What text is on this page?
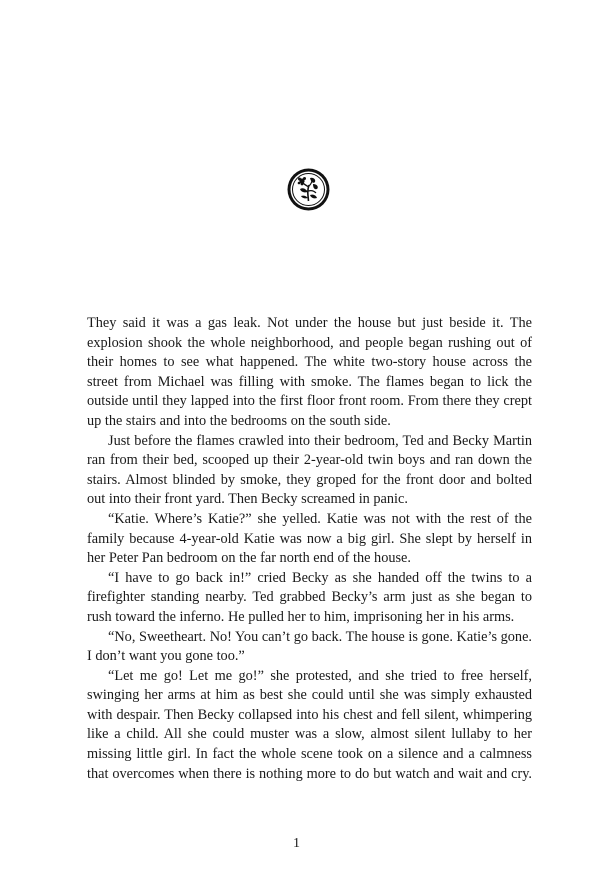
They said it was a gas leak. Not under the house but just beside it. The explosion shook the whole neighborhood, and people began rushing out of their homes to see what happened. The white two-story house across the street from Michael was filling with smoke. The flames began to lick the outside until they lapped into the first floor front room. From there they crept up the stairs and into the bedrooms on the south side.

Just before the flames crawled into their bedroom, Ted and Becky Martin ran from their bed, scooped up their 2-year-old twin boys and ran down the stairs. Almost blinded by smoke, they groped for the front door and bolted out into their front yard. Then Becky screamed in panic.

“Katie. Where’s Katie?” she yelled. Katie was not with the rest of the family because 4-year-old Katie was now a big girl. She slept by herself in her Peter Pan bedroom on the far north end of the house.

“I have to go back in!” cried Becky as she handed off the twins to a firefighter standing nearby. Ted grabbed Becky’s arm just as she began to rush toward the inferno. He pulled her to him, imprisoning her in his arms.

“No, Sweetheart. No! You can’t go back. The house is gone. Katie’s gone. I don’t want you gone too.”

“Let me go! Let me go!” she protested, and she tried to free herself, swinging her arms at him as best she could until she was simply exhausted with despair. Then Becky collapsed into his chest and fell silent, whimpering like a child. All she could muster was a slow, almost silent lullaby to her missing little girl. In fact the whole scene took on a silence and a calmness that overcomes when there is nothing more to do but watch and wait and cry.

1
